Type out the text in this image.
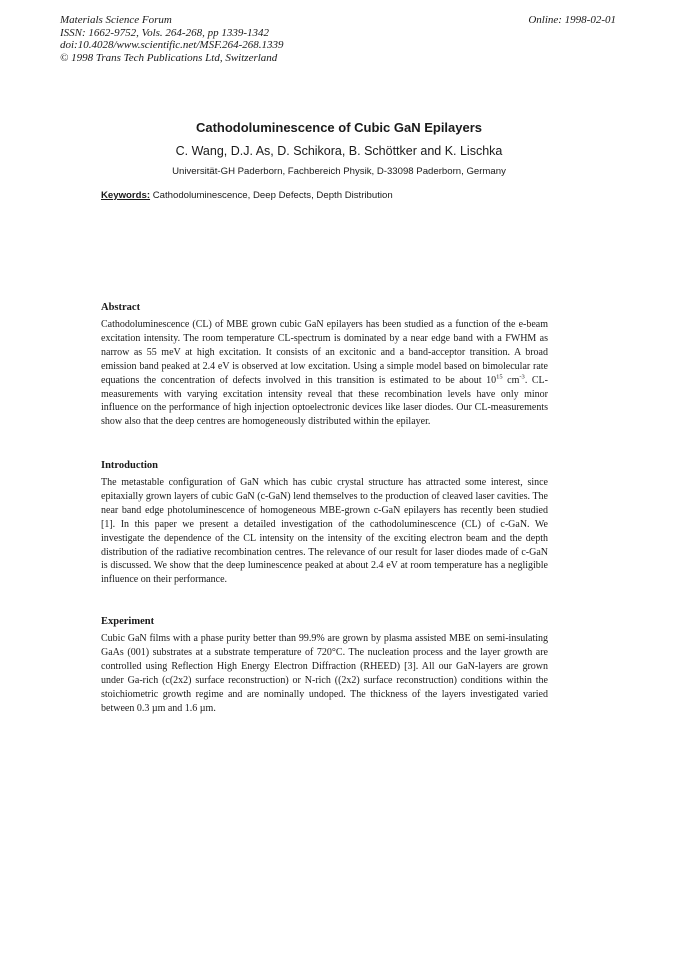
Materials Science Forum
ISSN: 1662-9752, Vols. 264-268, pp 1339-1342
doi:10.4028/www.scientific.net/MSF.264-268.1339
© 1998 Trans Tech Publications Ltd, Switzerland
Online: 1998-02-01
Cathodoluminescence of Cubic GaN Epilayers
C. Wang, D.J. As, D. Schikora, B. Schöttker and K. Lischka
Universität-GH Paderborn, Fachbereich Physik, D-33098 Paderborn, Germany
Keywords: Cathodoluminescence, Deep Defects, Depth Distribution
Abstract

Cathodoluminescence (CL) of MBE grown cubic GaN epilayers has been studied as a function of the e-beam excitation intensity. The room temperature CL-spectrum is dominated by a near edge band with a FWHM as narrow as 55 meV at high excitation. It consists of an excitonic and a band-acceptor transition. A broad emission band peaked at 2.4 eV is observed at low excitation. Using a simple model based on bimolecular rate equations the concentration of defects involved in this transition is estimated to be about $10^{15}$ $cm^{-3}$. CL-measurements with varying excitation intensity reveal that these recombination levels have only minor influence on the performance of high injection optoelectronic devices like laser diodes. Our CL-measurements show also that the deep centres are homogeneously distributed within the epilayer.

Introduction

The metastable configuration of GaN which has cubic crystal structure has attracted some interest, since epitaxially grown layers of cubic GaN (c-GaN) lend themselves to the production of cleaved laser cavities. The near band edge photoluminescence of homogeneous MBE-grown c-GaN epilayers has recently been studied [1]. In this paper we present a detailed investigation of the cathodoluminescence (CL) of c-GaN. We investigate the dependence of the CL intensity on the intensity of the exciting electron beam and the depth distribution of the radiative recombination centres. The relevance of our result for laser diodes made of c-GaN is discussed. We show that the deep luminescence peaked at about 2.4 eV at room temperature has a negligible influence on their performance.

Experiment

Cubic GaN films with a phase purity better than 99.9% are grown by plasma assisted MBE on semi-insulating GaAs (001) substrates at a substrate temperature of 720°C. The nucleation process and the layer growth are controlled using Reflection High Energy Electron Diffraction (RHEED) [3]. All our GaN-layers are grown under Ga-rich (c(2x2) surface reconstruction) or N-rich ((2x2) surface reconstruction) conditions within the stoichiometric growth regime and are nominally undoped. The thickness of the layers investigated varied between 0.3 µm and 1.6 µm.
